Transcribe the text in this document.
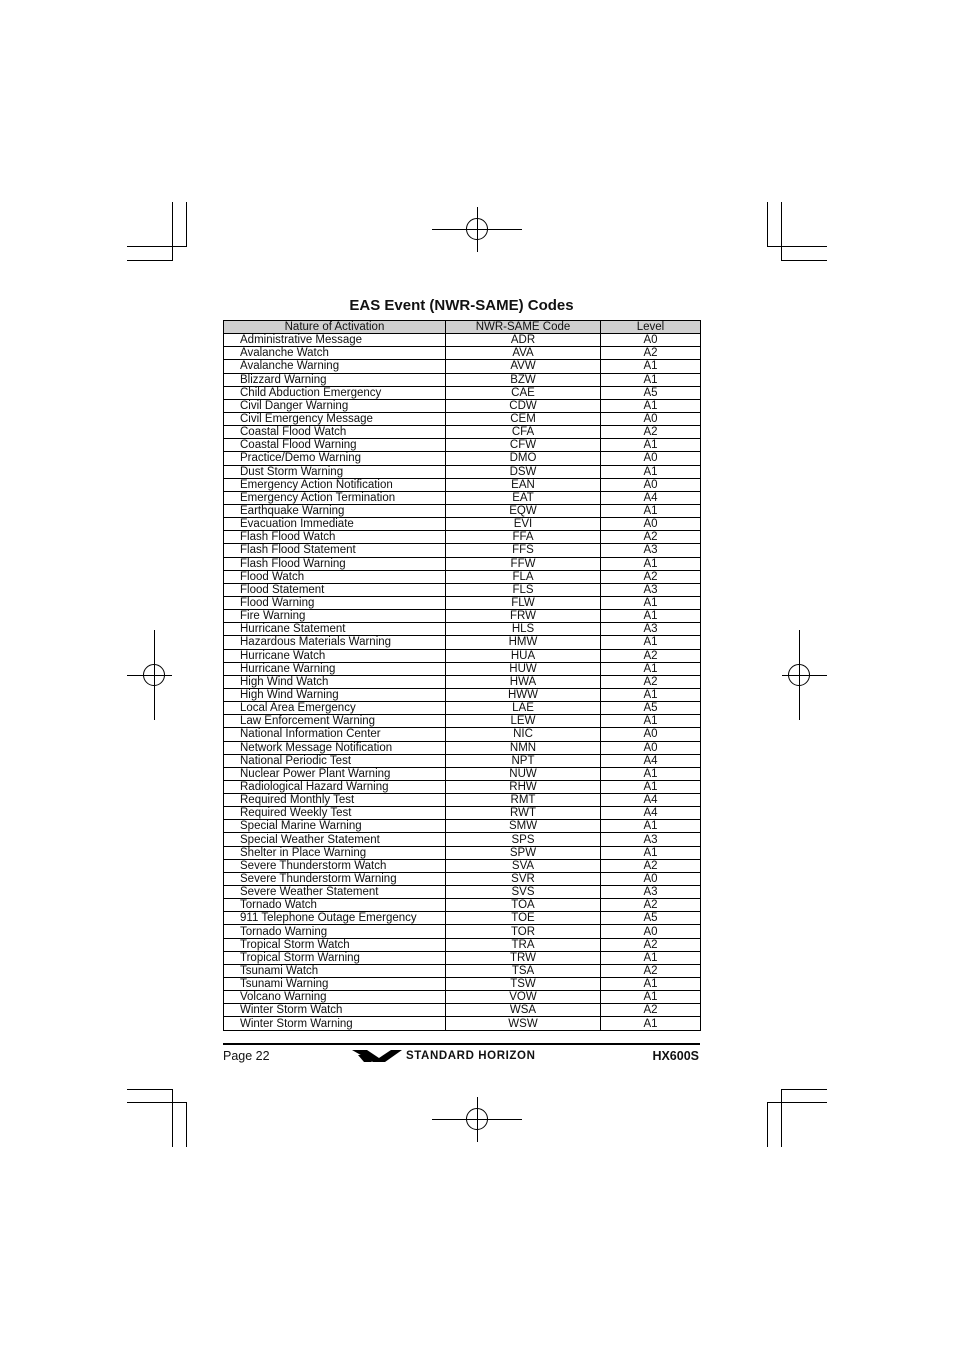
EAS Event (NWR-SAME) Codes
Nature of Activation	NWR-SAME Code	Level
Administrative Message	ADR	A0
Avalanche Watch	AVA	A2
Avalanche Warning	AVW	A1
Blizzard Warning	BZW	A1
Child Abduction Emergency	CAE	A5
Civil Danger Warning	CDW	A1
Civil Emergency Message	CEM	A0
Coastal Flood Watch	CFA	A2
Coastal Flood Warning	CFW	A1
Practice/Demo Warning	DMO	A0
Dust Storm Warning	DSW	A1
Emergency Action Notification	EAN	A0
Emergency Action Termination	EAT	A4
Earthquake Warning	EQW	A1
Evacuation Immediate	EVI	A0
Flash Flood Watch	FFA	A2
Flash Flood Statement	FFS	A3
Flash Flood Warning	FFW	A1
Flood Watch	FLA	A2
Flood Statement	FLS	A3
Flood Warning	FLW	A1
Fire Warning	FRW	A1
Hurricane Statement	HLS	A3
Hazardous Materials Warning	HMW	A1
Hurricane Watch	HUA	A2
Hurricane Warning	HUW	A1
High Wind Watch	HWA	A2
High Wind Warning	HWW	A1
Local Area Emergency	LAE	A5
Law Enforcement Warning	LEW	A1
National Information Center	NIC	A0
Network Message Notification	NMN	A0
National Periodic Test	NPT	A4
Nuclear Power Plant Warning	NUW	A1
Radiological Hazard Warning	RHW	A1
Required Monthly Test	RMT	A4
Required Weekly Test	RWT	A4
Special Marine Warning	SMW	A1
Special Weather Statement	SPS	A3
Shelter in Place Warning	SPW	A1
Severe Thunderstorm Watch	SVA	A2
Severe Thunderstorm Warning	SVR	A0
Severe Weather Statement	SVS	A3
Tornado Watch	TOA	A2
911 Telephone Outage Emergency	TOE	A5
Tornado Warning	TOR	A0
Tropical Storm Watch	TRA	A2
Tropical Storm Warning	TRW	A1
Tsunami Watch	TSA	A2
Tsunami Warning	TSW	A1
Volcano Warning	VOW	A1
Winter Storm Watch	WSA	A2
Winter Storm Warning	WSW	A1
Page 22	STANDARD HORIZON	HX600S
